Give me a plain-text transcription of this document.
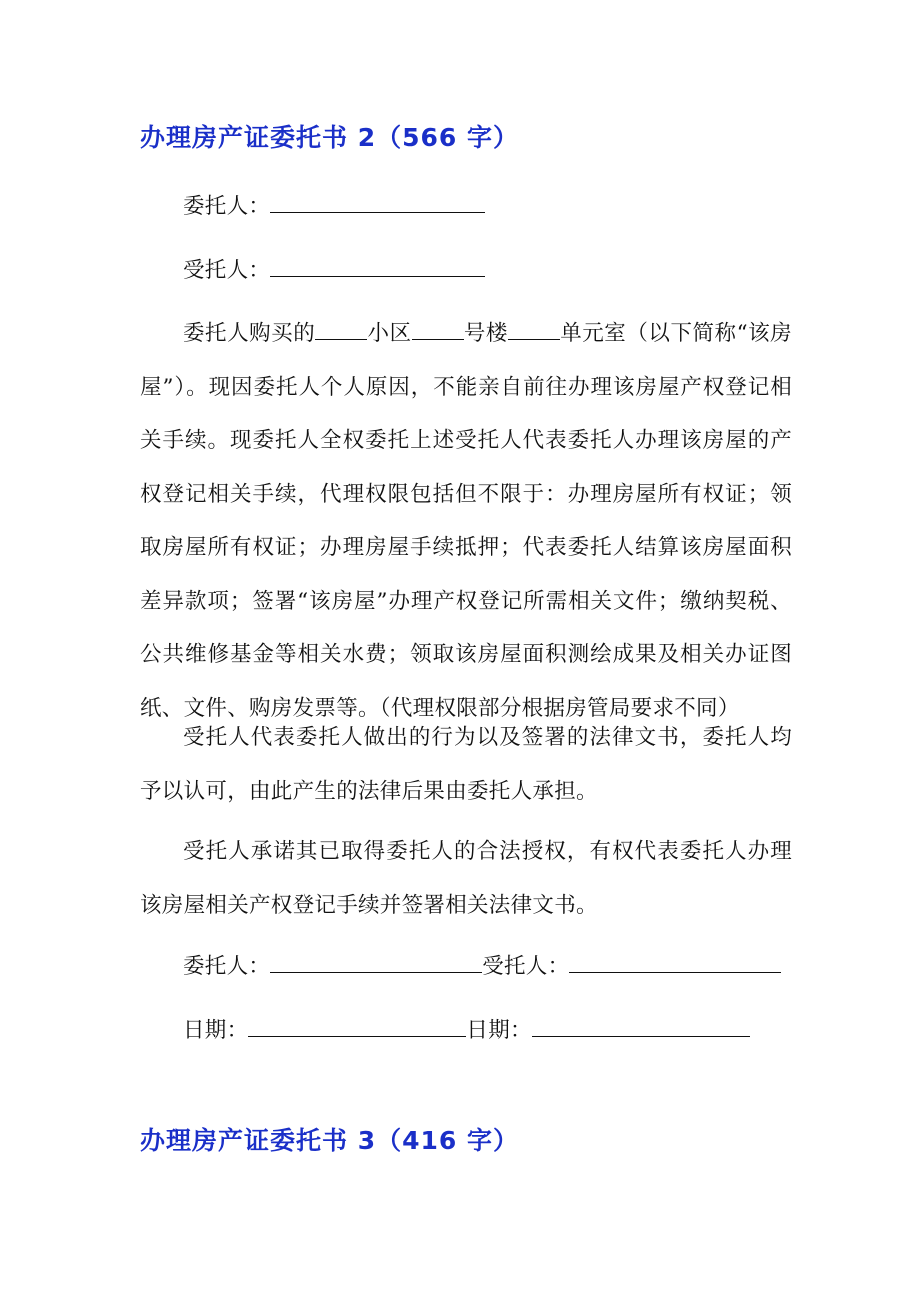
办理房产证委托书 2（566 字）
委托人：
受托人：

委托人购买的 小区 号楼 单元室（以下简称“该房屋”）。现因委托人个人原因，不能亲自前往办理该房屋产权登记相关手续。现委托人全权委托上述受托人代表委托人办理该房屋的产权登记相关手续，代理权限包括但不限于：办理房屋所有权证；领取房屋所有权证；办理房屋手续抵押；代表委托人结算该房屋面积差异款项；签署“该房屋”办理产权登记所需相关文件；缴纳契税、公共维修基金等相关水费；领取该房屋面积测绘成果及相关办证图纸、文件、购房发票等。（代理权限部分根据房管局要求不同）

受托人代表委托人做出的行为以及签署的法律文书，委托人均予以认可，由此产生的法律后果由委托人承担。

受托人承诺其已取得委托人的合法授权，有权代表委托人办理该房屋相关产权登记手续并签署相关法律文书。

委托人：	受托人：
日期：	日期：
办理房产证委托书 3（416 字）
